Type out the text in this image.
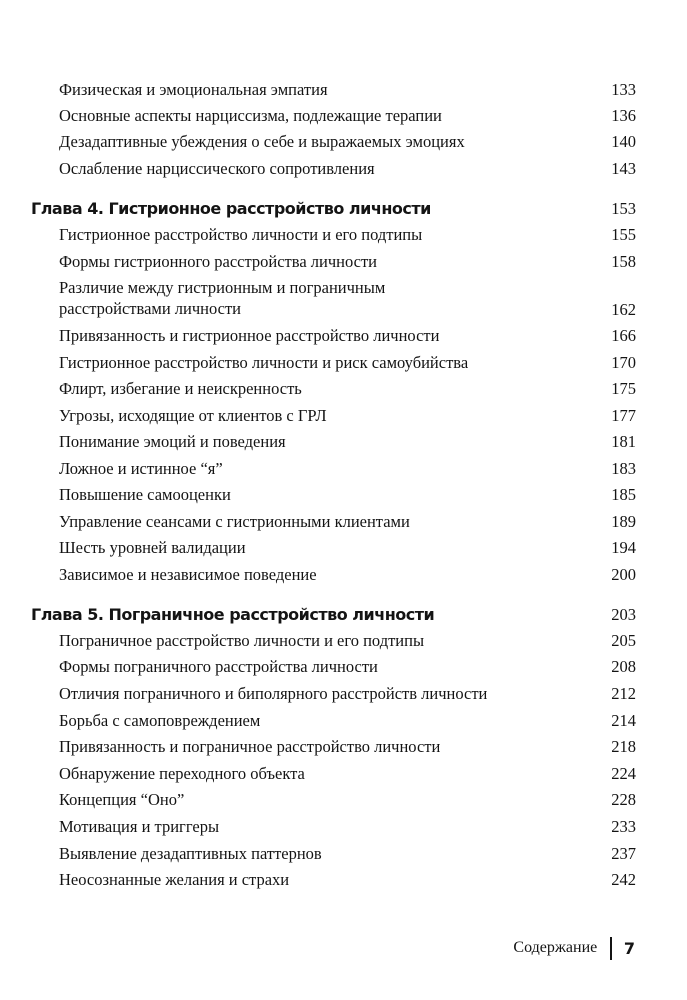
Физическая и эмоциональная эмпатия	133
Основные аспекты нарциссизма, подлежащие терапии	136
Дезадаптивные убеждения о себе и выражаемых эмоциях	140
Ослабление нарциссического сопротивления	143
Глава 4. Гистрионное расстройство личности	153
Гистрионное расстройство личности и его подтипы	155
Формы гистрионного расстройства личности	158
Различие между гистрионным и пограничным расстройствами личности	162
Привязанность и гистрионное расстройство личности	166
Гистрионное расстройство личности и риск самоубийства	170
Флирт, избегание и неискренность	175
Угрозы, исходящие от клиентов с ГРЛ	177
Понимание эмоций и поведения	181
Ложное и истинное “я”	183
Повышение самооценки	185
Управление сеансами с гистрионными клиентами	189
Шесть уровней валидации	194
Зависимое и независимое поведение	200
Глава 5. Пограничное расстройство личности	203
Пограничное расстройство личности и его подтипы	205
Формы пограничного расстройства личности	208
Отличия пограничного и биполярного расстройств личности	212
Борьба с самоповреждением	214
Привязанность и пограничное расстройство личности	218
Обнаружение переходного объекта	224
Концепция “Оно”	228
Мотивация и триггеры	233
Выявление дезадаптивных паттернов	237
Неосознанные желания и страхи	242
Содержание 7
